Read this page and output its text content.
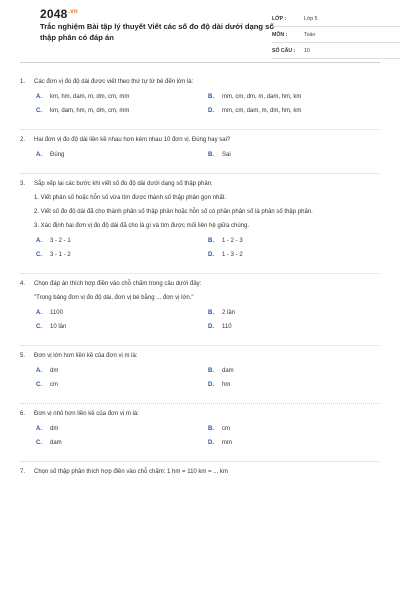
$2048^{.vn}$
Trắc nghiệm Bài tập lý thuyết Viết các số đo độ dài dưới dạng số thập phân có đáp án
LỚP :	Lớp 5
MÔN :	Toán
SỐ CÂU :	10
1.	Các đơn vị đo độ dài được viết theo thứ tự từ bé đến lớn là:
A.	km, hm, dam, m, dm, cm, mm	B.	mm, cm, dm, m, dam, hm, km
C.	km, dam, hm, m, dm, cm, mm	D.	mm, cm, dam, m, dm, hm, km
2.	Hai đơn vị đo độ dài liền kề nhau hơn kém nhau 10 đơn vị. Đúng hay sai?
A.	Đúng	B.	Sai
3.	Sắp xếp lại các bước khi viết số đo độ dài dưới dạng số thập phân:
1. Viết phân số hoặc hỗn số vừa tìm được thành số thập phân gọn nhất.
2. Viết số đo độ dài đã cho thành phân số thập phân hoặc hỗn số có phần phân số là phân số thập phân.
3. Xác định hai đơn vị đo độ dài đã cho là gì và tìm được mối liên hệ giữa chúng.
A.	3 - 2 - 1	B.	1 - 2 - 3
C.	3 - 1 - 2	D.	1 - 3 - 2
4.	Chọn đáp án thích hợp điền vào chỗ chấm trong câu dưới đây:
"Trong bảng đơn vị đo độ dài, đơn vị bé bằng ... đơn vị lớn."
A.	1100	B.	2 lần
C.	10 lần	D.	110
5.	Đơn vị lớn hơn liền kề của đơn vị m là:
A.	dm	B.	dam
C.	cm	D.	hm
6.	Đơn vị nhỏ hơn liền kề của đơn vị m là:
A.	dm	B.	cm
C.	dam	D.	mm
7.	Chọn số thập phân thích hợp điền vào chỗ chấm: 1 hm = 110 km = ... km
